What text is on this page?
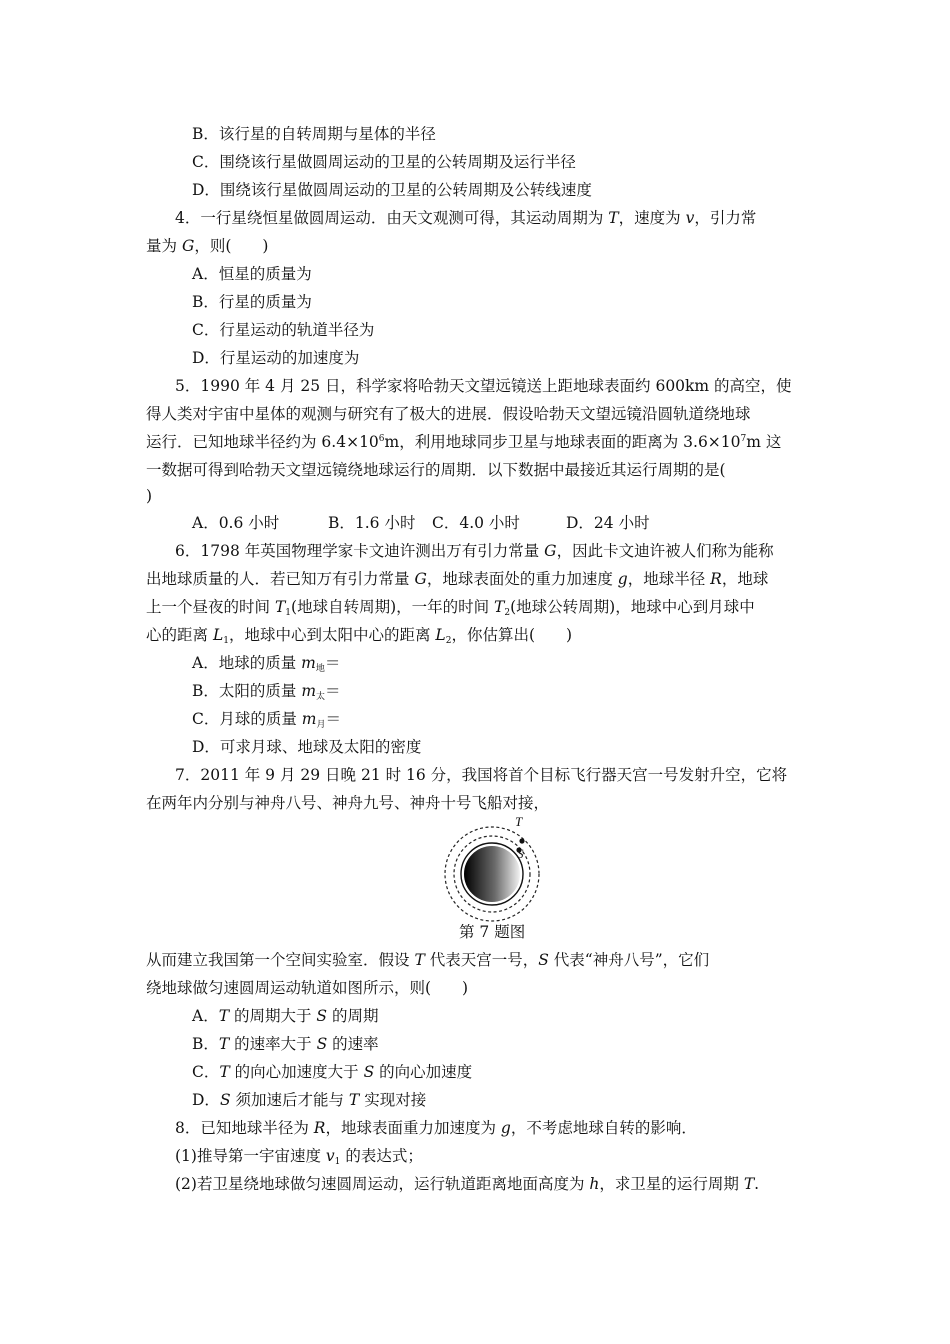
B．该行星的自转周期与星体的半径
C．围绕该行星做圆周运动的卫星的公转周期及运行半径
D．围绕该行星做圆周运动的卫星的公转周期及公转线速度
4．一行星绕恒星做圆周运动．由天文观测可得，其运动周期为 T，速度为 v，引力常
量为 G，则(　　)
A．恒星的质量为
B．行星的质量为
C．行星运动的轨道半径为
D．行星运动的加速度为
5．1990 年 4 月 25 日，科学家将哈勃天文望远镜送上距地球表面约 600km 的高空，使
得人类对宇宙中星体的观测与研究有了极大的进展．假设哈勃天文望远镜沿圆轨道绕地球
运行．已知地球半径约为 $6.4\times 10^6m$，利用地球同步卫星与地球表面的距离为 $3.6\times 10^7m$ 这
一数据可得到哈勃天文望远镜绕地球运行的周期．以下数据中最接近其运行周期的是(
)
A．0.6 小时	B．1.6 小时 C．4.0 小时	D．24 小时
6．1798 年英国物理学家卡文迪许测出万有引力常量 G，因此卡文迪许被人们称为能称
出地球质量的人．若已知万有引力常量 G，地球表面处的重力加速度 g，地球半径 R，地球
上一个昼夜的时间 $T_1$(地球自转周期)，一年的时间 $T_2$(地球公转周期)，地球中心到月球中
心的距离 $L_1$，地球中心到太阳中心的距离 $L_2$，你估算出(　　)
A．地球的质量 $m_地=$
B．太阳的质量 $m_太=$
C．月球的质量 $m_月=$
D．可求月球、地球及太阳的密度
7．2011 年 9 月 29 日晚 21 时 16 分，我国将首个目标飞行器天宫一号发射升空，它将
在两年内分别与神舟八号、神舟九号、神舟十号飞船对接，
T
S
第 7 题图
从而建立我国第一个空间实验室．假设 T 代表天宫一号，S 代表“神舟八号”，它们
绕地球做匀速圆周运动轨道如图所示，则(　　)
A．T 的周期大于 S 的周期
B．T 的速率大于 S 的速率
C．T 的向心加速度大于 S 的向心加速度
D．S 须加速后才能与 T 实现对接
8．已知地球半径为 R，地球表面重力加速度为 g，不考虑地球自转的影响．
(1)推导第一宇宙速度 $v_1$ 的表达式；
(2)若卫星绕地球做匀速圆周运动，运行轨道距离地面高度为 h，求卫星的运行周期 T.
